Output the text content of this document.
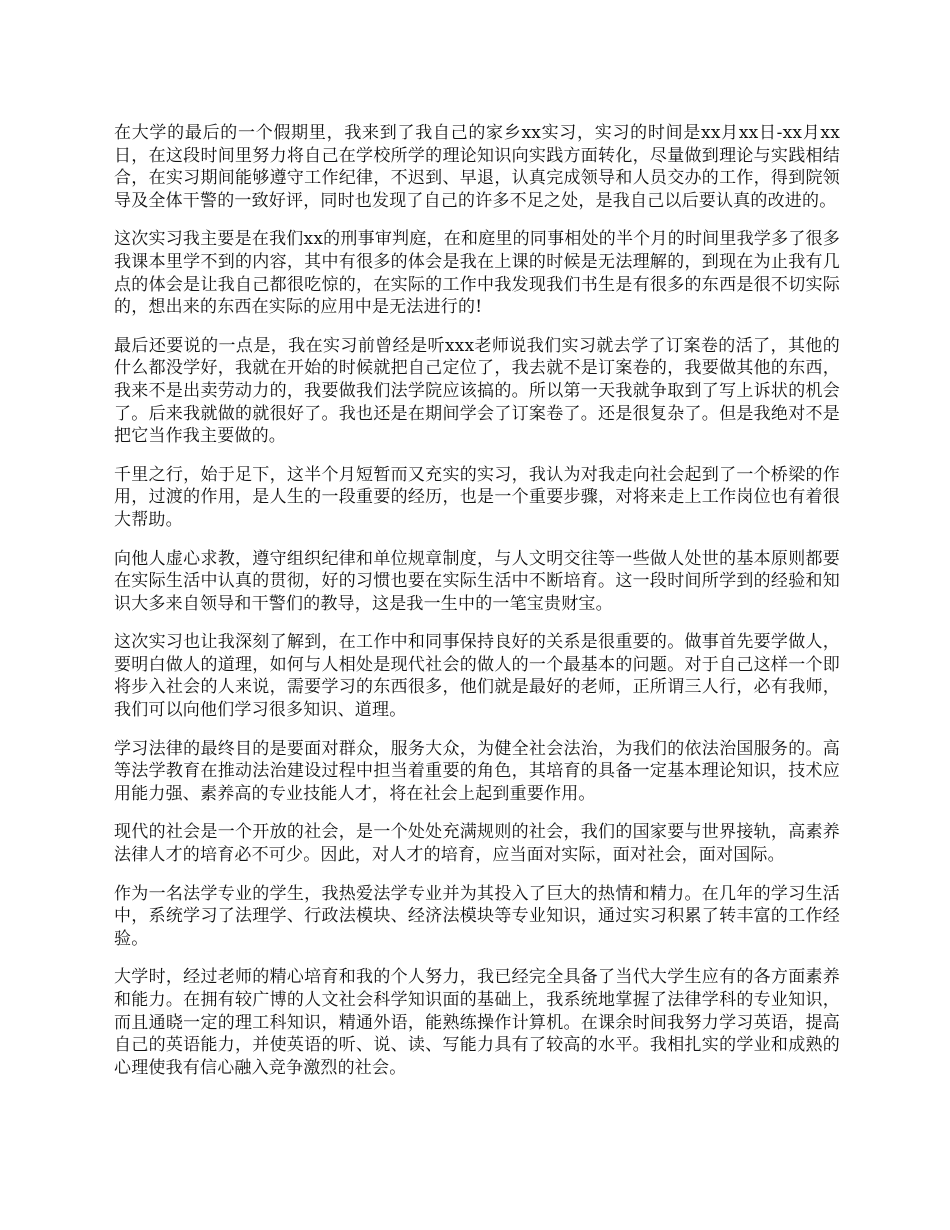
在大学的最后的一个假期里，我来到了我自己的家乡xx实习，实习的时间是xx月xx日-xx月xx日，在这段时间里努力将自己在学校所学的理论知识向实践方面转化，尽量做到理论与实践相结合，在实习期间能够遵守工作纪律，不迟到、早退，认真完成领导和人员交办的工作，得到院领导及全体干警的一致好评，同时也发现了自己的许多不足之处，是我自己以后要认真的改进的。

这次实习我主要是在我们xx的刑事审判庭，在和庭里的同事相处的半个月的时间里我学多了很多我课本里学不到的内容，其中有很多的体会是我在上课的时候是无法理解的，到现在为止我有几点的体会是让我自己都很吃惊的，在实际的工作中我发现我们书生是有很多的东西是很不切实际的，想出来的东西在实际的应用中是无法进行的!

最后还要说的一点是，我在实习前曾经是听xxx老师说我们实习就去学了订案卷的活了，其他的什么都没学好，我就在开始的时候就把自己定位了，我去就不是订案卷的，我要做其他的东西，我来不是出卖劳动力的，我要做我们法学院应该搞的。所以第一天我就争取到了写上诉状的机会了。后来我就做的就很好了。我也还是在期间学会了订案卷了。还是很复杂了。但是我绝对不是把它当作我主要做的。

千里之行，始于足下，这半个月短暂而又充实的实习，我认为对我走向社会起到了一个桥梁的作用，过渡的作用，是人生的一段重要的经历，也是一个重要步骤，对将来走上工作岗位也有着很大帮助。

向他人虚心求教，遵守组织纪律和单位规章制度，与人文明交往等一些做人处世的基本原则都要在实际生活中认真的贯彻，好的习惯也要在实际生活中不断培育。这一段时间所学到的经验和知识大多来自领导和干警们的教导，这是我一生中的一笔宝贵财宝。

这次实习也让我深刻了解到，在工作中和同事保持良好的关系是很重要的。做事首先要学做人，要明白做人的道理，如何与人相处是现代社会的做人的一个最基本的问题。对于自己这样一个即将步入社会的人来说，需要学习的东西很多，他们就是最好的老师，正所谓三人行，必有我师，我们可以向他们学习很多知识、道理。

学习法律的最终目的是要面对群众，服务大众，为健全社会法治，为我们的依法治国服务的。高等法学教育在推动法治建设过程中担当着重要的角色，其培育的具备一定基本理论知识，技术应用能力强、素养高的专业技能人才，将在社会上起到重要作用。

现代的社会是一个开放的社会，是一个处处充满规则的社会，我们的国家要与世界接轨，高素养法律人才的培育必不可少。因此，对人才的培育，应当面对实际，面对社会，面对国际。

作为一名法学专业的学生，我热爱法学专业并为其投入了巨大的热情和精力。在几年的学习生活中，系统学习了法理学、行政法模块、经济法模块等专业知识，通过实习积累了转丰富的工作经验。

大学时，经过老师的精心培育和我的个人努力，我已经完全具备了当代大学生应有的各方面素养和能力。在拥有较广博的人文社会科学知识面的基础上，我系统地掌握了法律学科的专业知识，而且通晓一定的理工科知识，精通外语，能熟练操作计算机。在课余时间我努力学习英语，提高自己的英语能力，并使英语的听、说、读、写能力具有了较高的水平。我相扎实的学业和成熟的心理使我有信心融入竞争激烈的社会。
